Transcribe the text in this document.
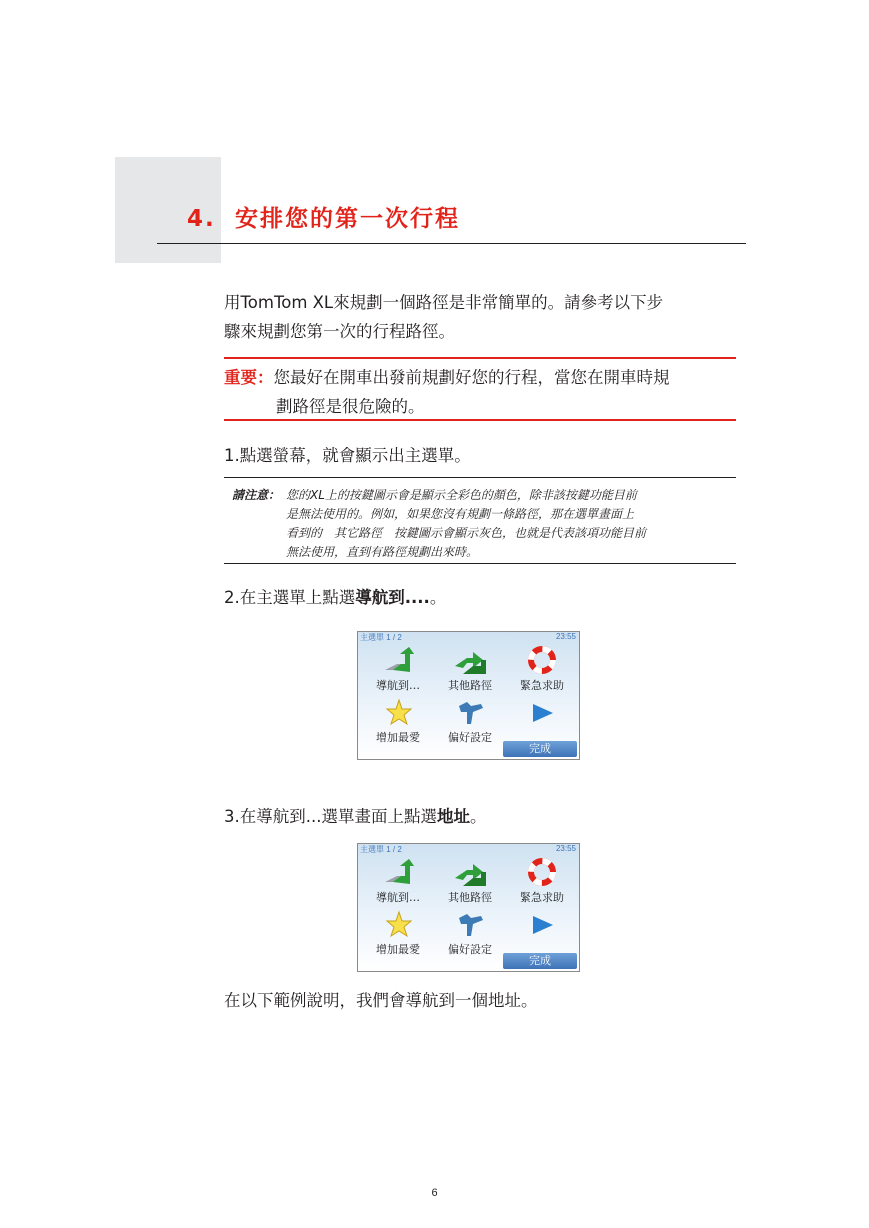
4. 安排您的第一次行程
用TomTom XL來規劃一個路徑是非常簡單的。請參考以下步
驟來規劃您第一次的行程路徑。
重要：您最好在開車出發前規劃好您的行程，當您在開車時規
劃路徑是很危險的。
1.點選螢幕，就會顯示出主選單。
請注意： 您的XL上的按鍵圖示會是顯示全彩色的顏色，除非該按鍵功能目前
是無法使用的。例如，如果您沒有規劃一條路徑，那在選單畫面上
看到的　其它路徑　按鍵圖示會顯示灰色，也就是代表該項功能目前
無法使用，直到有路徑規劃出來時。
2.在主選單上點選導航到....。
主選單 1 / 2	23:55
導航到…	其他路徑	緊急求助
增加最愛	偏好設定
完成
3.在導航到...選單畫面上點選地址。
主選單 1 / 2	23:55
導航到…	其他路徑	緊急求助
增加最愛	偏好設定
完成
在以下範例說明，我們會導航到一個地址。
6
